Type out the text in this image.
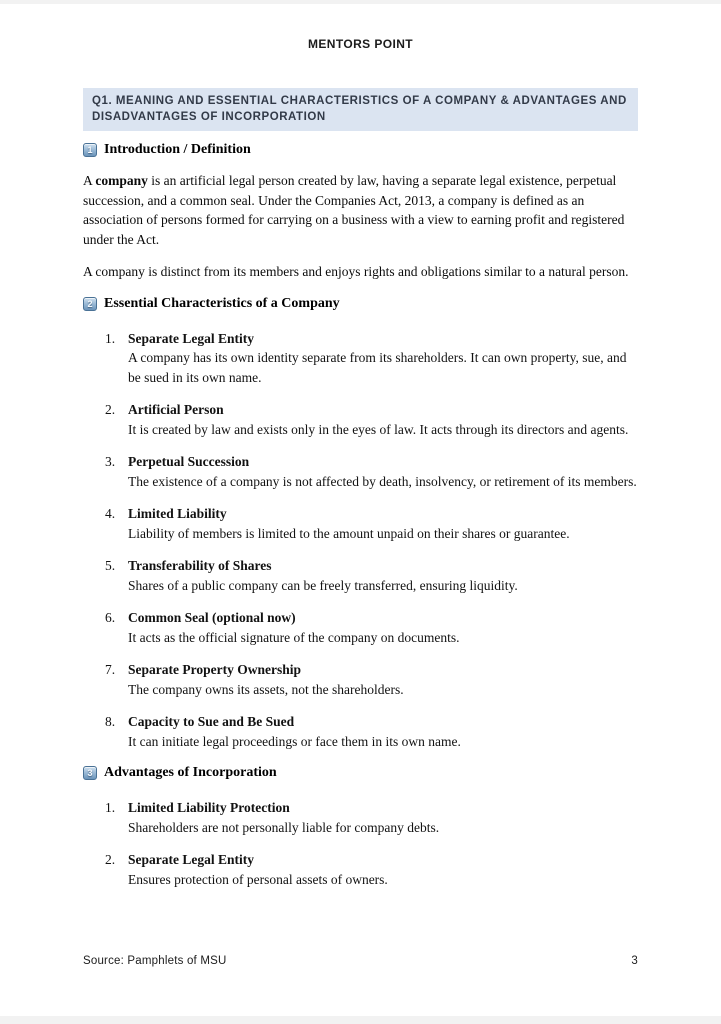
MENTORS POINT
Q1. MEANING AND ESSENTIAL CHARACTERISTICS OF A COMPANY & ADVANTAGES AND DISADVANTAGES OF INCORPORATION
1 Introduction / Definition

A company is an artificial legal person created by law, having a separate legal existence, perpetual succession, and a common seal. Under the Companies Act, 2013, a company is defined as an association of persons formed for carrying on a business with a view to earning profit and registered under the Act.

A company is distinct from its members and enjoys rights and obligations similar to a natural person.

2 Essential Characteristics of a Company
1. Separate Legal Entity
A company has its own identity separate from its shareholders. It can own property, sue, and be sued in its own name.
2. Artificial Person
It is created by law and exists only in the eyes of law. It acts through its directors and agents.
3. Perpetual Succession
The existence of a company is not affected by death, insolvency, or retirement of its members.
4. Limited Liability
Liability of members is limited to the amount unpaid on their shares or guarantee.
5. Transferability of Shares
Shares of a public company can be freely transferred, ensuring liquidity.
6. Common Seal (optional now)
It acts as the official signature of the company on documents.
7. Separate Property Ownership
The company owns its assets, not the shareholders.
8. Capacity to Sue and Be Sued
It can initiate legal proceedings or face them in its own name.
3 Advantages of Incorporation
1. Limited Liability Protection
Shareholders are not personally liable for company debts.
2. Separate Legal Entity
Ensures protection of personal assets of owners.
Source: Pamphlets of MSU	3
